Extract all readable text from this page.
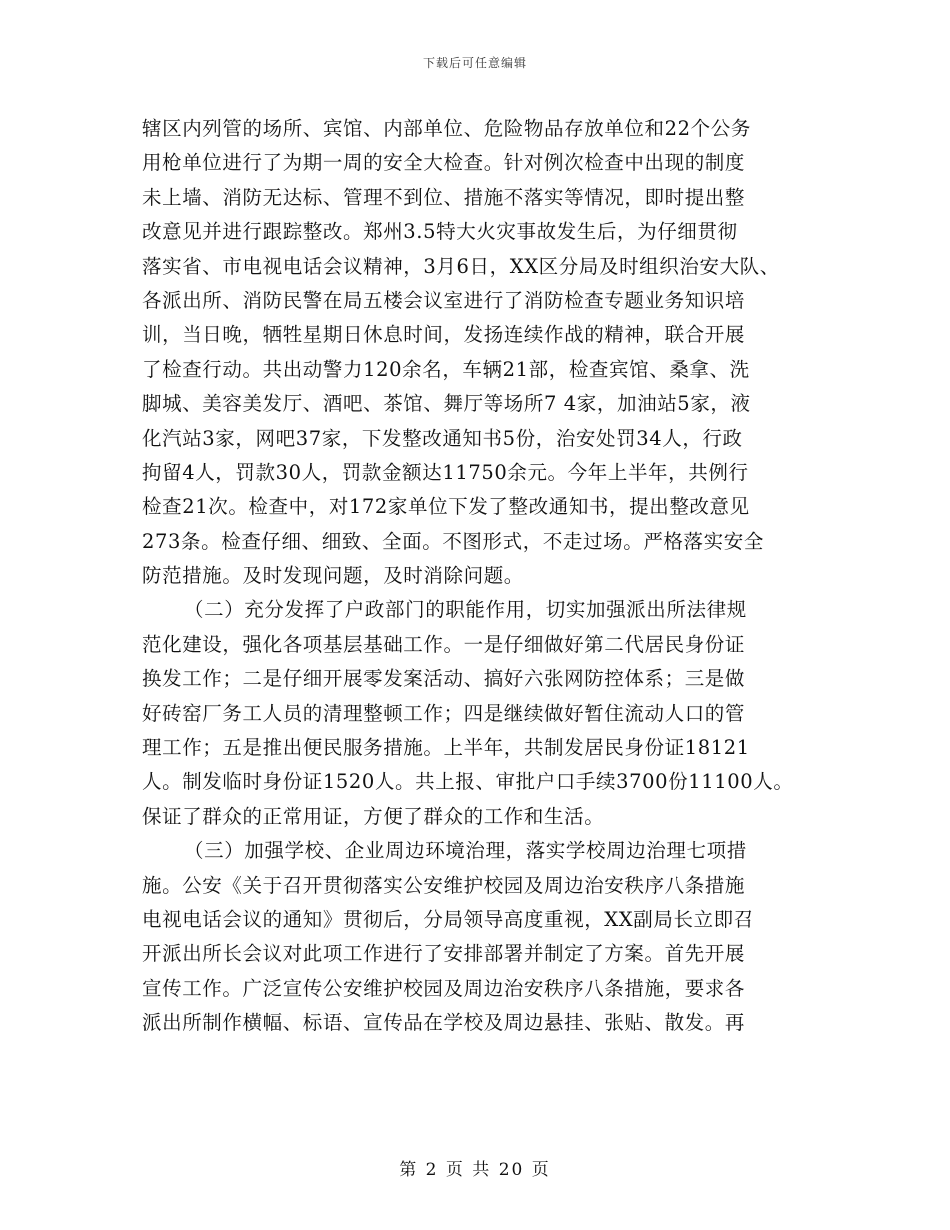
下载后可任意编辑
辖区内列管的场所、宾馆、内部单位、危险物品存放单位和22个公务
用枪单位进行了为期一周的安全大检查。针对例次检查中出现的制度
未上墙、消防无达标、管理不到位、措施不落实等情况，即时提出整
改意见并进行跟踪整改。郑州3.5特大火灾事故发生后，为仔细贯彻
落实省、市电视电话会议精神，3月6日，XX区分局及时组织治安大队、
各派出所、消防民警在局五楼会议室进行了消防检查专题业务知识培
训，当日晚，牺牲星期日休息时间，发扬连续作战的精神，联合开展
了检查行动。共出动警力120余名，车辆21部，检查宾馆、桑拿、洗
脚城、美容美发厅、酒吧、茶馆、舞厅等场所7 4家，加油站5家，液
化汽站3家，网吧37家，下发整改通知书5份，治安处罚34人，行政
拘留4人，罚款30人，罚款金额达11750余元。今年上半年，共例行
检查21次。检查中，对172家单位下发了整改通知书，提出整改意见
273条。检查仔细、细致、全面。不图形式，不走过场。严格落实安全
防范措施。及时发现问题，及时消除问题。
（二）充分发挥了户政部门的职能作用，切实加强派出所法律规
范化建设，强化各项基层基础工作。一是仔细做好第二代居民身份证
换发工作；二是仔细开展零发案活动、搞好六张网防控体系；三是做
好砖窑厂务工人员的清理整顿工作；四是继续做好暂住流动人口的管
理工作；五是推出便民服务措施。上半年，共制发居民身份证18121
人。制发临时身份证1520人。共上报、审批户口手续3700份11100人。
保证了群众的正常用证，方便了群众的工作和生活。
（三）加强学校、企业周边环境治理，落实学校周边治理七项措
施。公安《关于召开贯彻落实公安维护校园及周边治安秩序八条措施
电视电话会议的通知》贯彻后，分局领导高度重视，XX副局长立即召
开派出所长会议对此项工作进行了安排部署并制定了方案。首先开展
宣传工作。广泛宣传公安维护校园及周边治安秩序八条措施，要求各
派出所制作横幅、标语、宣传品在学校及周边悬挂、张贴、散发。再
第 2 页 共 20 页
